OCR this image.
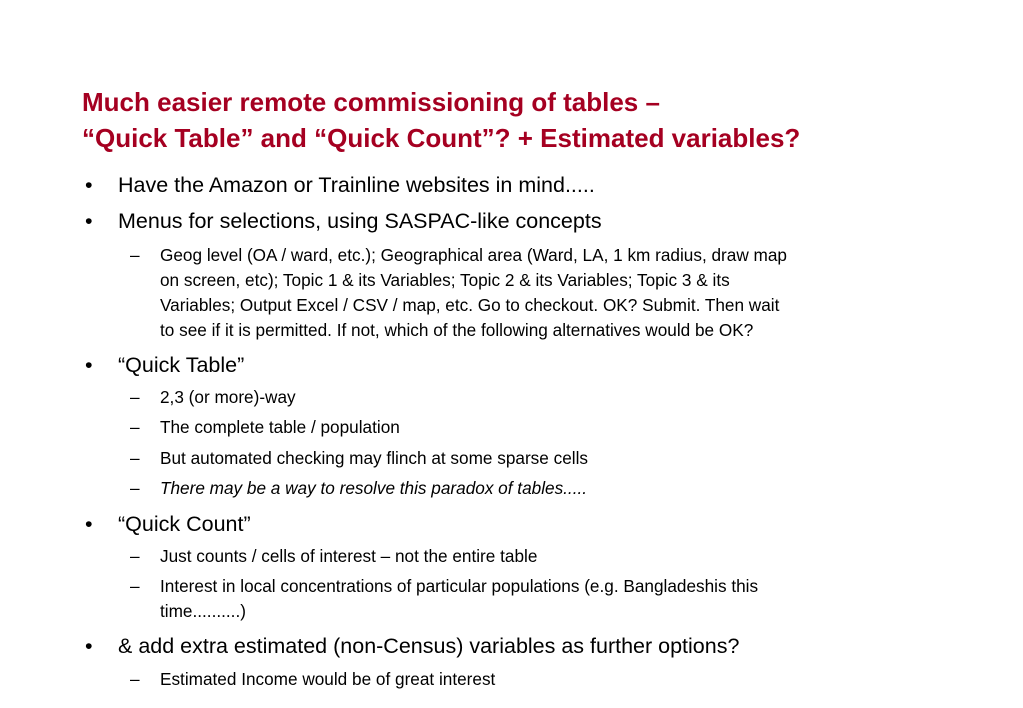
Much easier remote commissioning of tables –
“Quick Table” and “Quick Count”? + Estimated variables?
• Have the Amazon or Trainline websites in mind.....
• Menus for selections, using SASPAC-like concepts
– Geog level (OA / ward, etc.); Geographical area (Ward, LA, 1 km radius, draw map
on screen, etc); Topic 1 & its Variables; Topic 2 & its Variables; Topic 3 & its
Variables; Output Excel / CSV / map, etc. Go to checkout. OK? Submit. Then wait
to see if it is permitted. If not, which of the following alternatives would be OK?
• “Quick Table”
– 2,3 (or more)-way
– The complete table / population
– But automated checking may flinch at some sparse cells
– There may be a way to resolve this paradox of tables.....
• “Quick Count”
– Just counts / cells of interest – not the entire table
– Interest in local concentrations of particular populations (e.g. Bangladeshis this
time..........)
• & add extra estimated (non-Census) variables as further options?
– Estimated Income would be of great interest
